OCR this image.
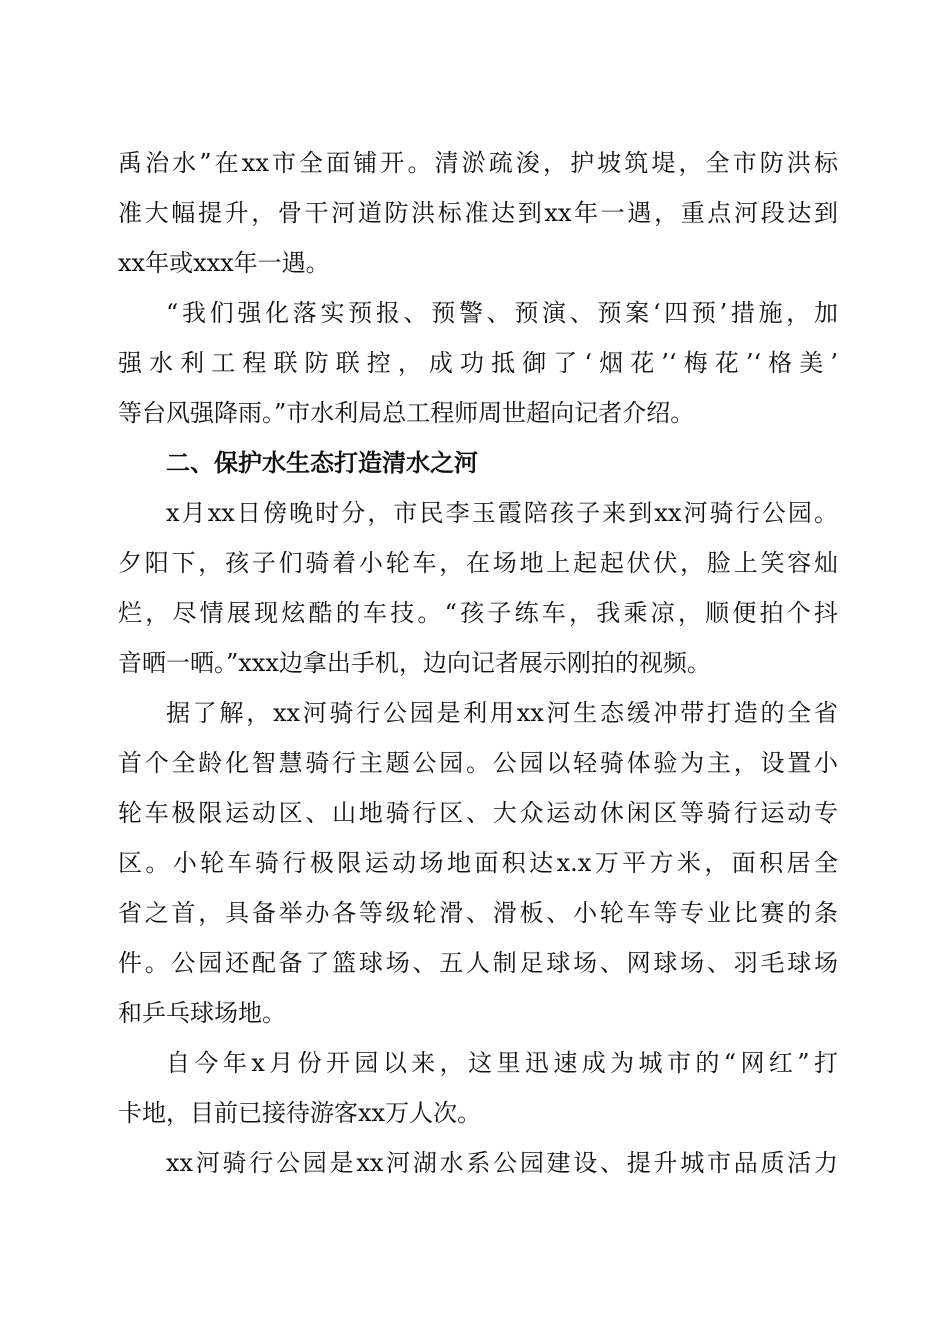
禹治水”在xx市全面铺开。清淤疏浚，护坡筑堤，全市防洪标
准大幅提升，骨干河道防洪标准达到xx年一遇，重点河段达到
xx年或xxx年一遇。
“我们强化落实预报、预警、预演、预案‘四预’措施，加
强水利工程联防联控，成功抵御了‘烟花’‘梅花’‘格美’
等台风强降雨。”市水利局总工程师周世超向记者介绍。
二、保护水生态打造清水之河
x月xx日傍晚时分，市民李玉霞陪孩子来到xx河骑行公园。
夕阳下，孩子们骑着小轮车，在场地上起起伏伏，脸上笑容灿
烂，尽情展现炫酷的车技。“孩子练车，我乘凉，顺便拍个抖
音晒一晒。”xxx边拿出手机，边向记者展示刚拍的视频。
据了解，xx河骑行公园是利用xx河生态缓冲带打造的全省
首个全龄化智慧骑行主题公园。公园以轻骑体验为主，设置小
轮车极限运动区、山地骑行区、大众运动休闲区等骑行运动专
区。小轮车骑行极限运动场地面积达x.x万平方米，面积居全
省之首，具备举办各等级轮滑、滑板、小轮车等专业比赛的条
件。公园还配备了篮球场、五人制足球场、网球场、羽毛球场
和乒乓球场地。
自今年x月份开园以来，这里迅速成为城市的“网红”打
卡地，目前已接待游客xx万人次。
xx河骑行公园是xx河湖水系公园建设、提升城市品质活力
